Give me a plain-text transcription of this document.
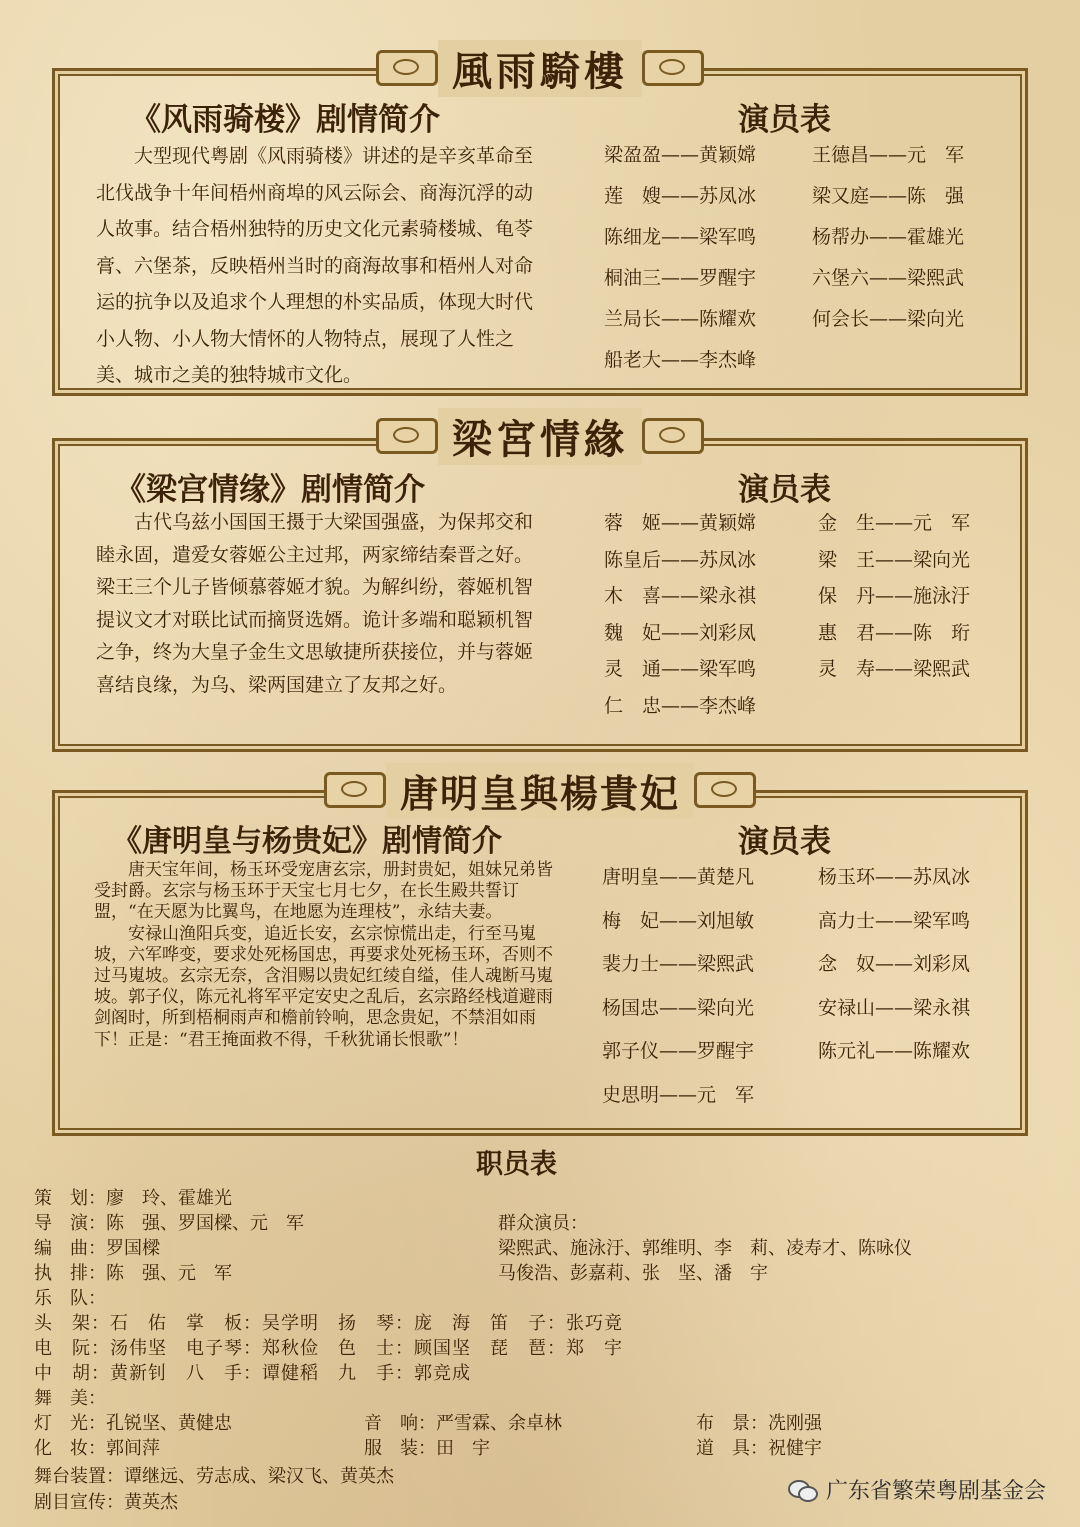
風雨騎樓
《风雨骑楼》剧情简介	演员表

大型现代粤剧《风雨骑楼》讲述的是辛亥革命至北伐战争十年间梧州商埠的风云际会、商海沉浮的动人故事。结合梧州独特的历史文化元素骑楼城、龟苓膏、六堡茶，反映梧州当时的商海故事和梧州人对命运的抗争以及追求个人理想的朴实品质，体现大时代小人物、小人物大情怀的人物特点，展现了人性之美、城市之美的独特城市文化。

梁盈盈——黄颖嫦	王德昌——元　军
莲　嫂——苏凤冰	梁又庭——陈　强
陈细龙——梁军鸣	杨帮办——霍雄光
桐油三——罗醒宇	六堡六——梁熙武
兰局长——陈耀欢	何会长——梁向光
船老大——李杰峰
梁宮情緣
《梁宫情缘》剧情简介	演员表

古代乌兹小国国王摄于大梁国强盛，为保邦交和睦永固，遣爱女蓉姬公主过邦，两家缔结秦晋之好。梁王三个儿子皆倾慕蓉姬才貌。为解纠纷，蓉姬机智提议文才对联比试而摘贤选婿。诡计多端和聪颖机智之争，终为大皇子金生文思敏捷所获接位，并与蓉姬喜结良缘，为乌、梁两国建立了友邦之好。

蓉　姬——黄颖嫦	金　生——元　军
陈皇后——苏凤冰	梁　王——梁向光
木　喜——梁永祺	保　丹——施泳汙
魏　妃——刘彩凤	惠　君——陈　珩
灵　通——梁军鸣	灵　寿——梁熙武
仁　忠——李杰峰
唐明皇與楊貴妃
《唐明皇与杨贵妃》剧情简介	演员表

唐天宝年间，杨玉环受宠唐玄宗，册封贵妃，姐妹兄弟皆受封爵。玄宗与杨玉环于天宝七月七夕，在长生殿共誓订盟，“在天愿为比翼鸟，在地愿为连理枝”，永结夫妻。

安禄山渔阳兵变，追近长安，玄宗惊慌出走，行至马嵬坡，六军哗变，要求处死杨国忠，再要求处死杨玉环，否则不过马嵬坡。玄宗无奈，含泪赐以贵妃红绫自缢，佳人魂断马嵬坡。郭子仪，陈元礼将军平定安史之乱后，玄宗路经栈道避雨剑阁时，所到梧桐雨声和檐前铃响，思念贵妃，不禁泪如雨下！正是：“君王掩面救不得，千秋犹诵长恨歌”！

唐明皇——黄楚凡	杨玉环——苏凤冰
梅　妃——刘旭敏	高力士——梁军鸣
裴力士——梁熙武	念　奴——刘彩凤
杨国忠——梁向光	安禄山——梁永祺
郭子仪——罗醒宇	陈元礼——陈耀欢
史思明——元　军
职员表
策　划：廖　玲、霍雄光
导　演：陈　强、罗国樑、元　军
编　曲：罗国樑
执　排：陈　强、元　军
乐　队：
头　架：石　佑　掌　板：吴学明　扬　琴：庞　海　笛　子：张巧竟
电　阮：汤伟坚　电子琴：郑秋俭　色　士：顾国坚　琵　琶：郑　宇
中　胡：黄新钊　八　手：谭健稻　九　手：郭竞成
舞　美：
灯　光：孔锐坚、黄健忠
化　妆：郭间萍
舞台装置：谭继远、劳志成、梁汉飞、黄英杰
剧目宣传：黄英杰
音　响：严雪霖、余卓林
服　装：田　宇
布　景：冼刚强
道　具：祝健宇
群众演员：
梁熙武、施泳汙、郭维明、李　莉、凌寿才、陈咏仪
马俊浩、彭嘉莉、张　坚、潘　宇
广东省繁荣粤剧基金会
